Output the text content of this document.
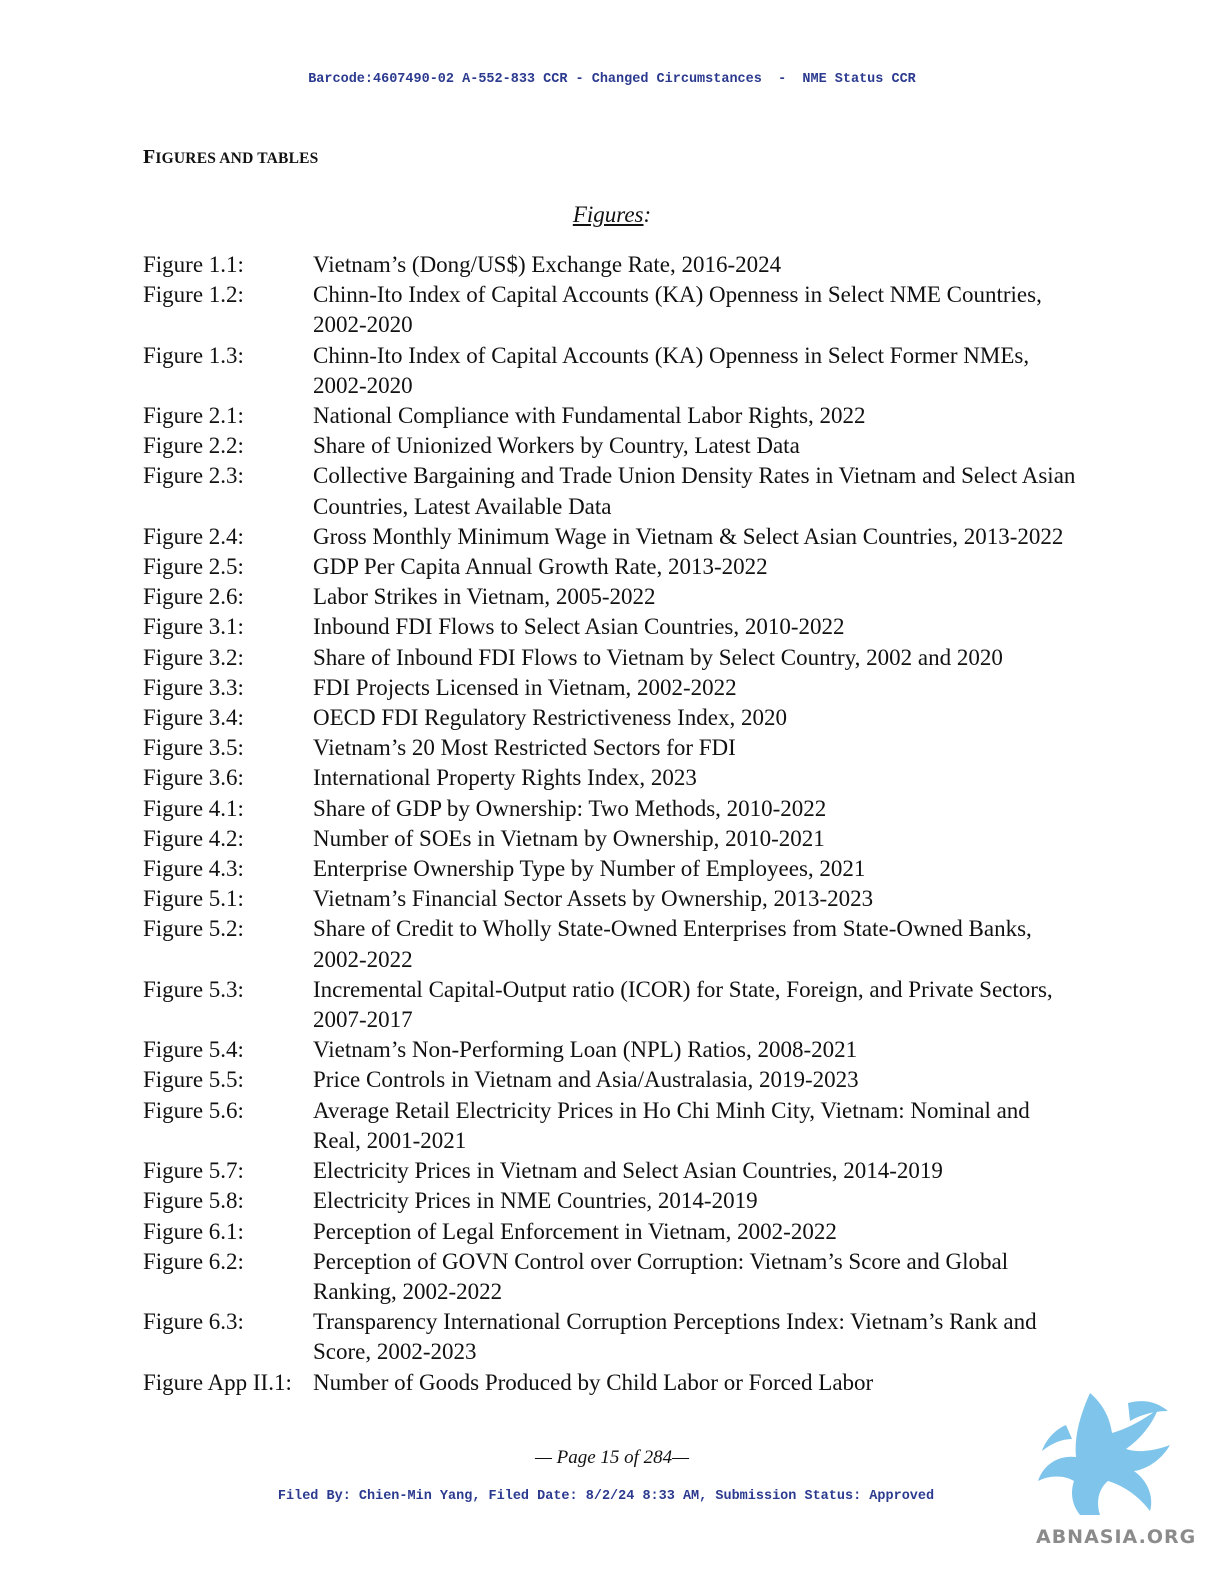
Barcode:4607490-02 A-552-833 CCR - Changed Circumstances  -  NME Status CCR
FIGURES AND TABLES
Figures:
Figure 1.1:	Vietnam’s (Dong/US$) Exchange Rate, 2016-2024
Figure 1.2:	Chinn-Ito Index of Capital Accounts (KA) Openness in Select NME Countries, 2002-2020
Figure 1.3:	Chinn-Ito Index of Capital Accounts (KA) Openness in Select Former NMEs, 2002-2020
Figure 2.1:	National Compliance with Fundamental Labor Rights, 2022
Figure 2.2:	Share of Unionized Workers by Country, Latest Data
Figure 2.3:	Collective Bargaining and Trade Union Density Rates in Vietnam and Select Asian Countries, Latest Available Data
Figure 2.4:	Gross Monthly Minimum Wage in Vietnam & Select Asian Countries, 2013-2022
Figure 2.5:	GDP Per Capita Annual Growth Rate, 2013-2022
Figure 2.6:	Labor Strikes in Vietnam, 2005-2022
Figure 3.1:	Inbound FDI Flows to Select Asian Countries, 2010-2022
Figure 3.2:	Share of Inbound FDI Flows to Vietnam by Select Country, 2002 and 2020
Figure 3.3:	FDI Projects Licensed in Vietnam, 2002-2022
Figure 3.4:	OECD FDI Regulatory Restrictiveness Index, 2020
Figure 3.5:	Vietnam’s 20 Most Restricted Sectors for FDI
Figure 3.6:	International Property Rights Index, 2023
Figure 4.1:	Share of GDP by Ownership: Two Methods, 2010-2022
Figure 4.2:	Number of SOEs in Vietnam by Ownership, 2010-2021
Figure 4.3:	Enterprise Ownership Type by Number of Employees, 2021
Figure 5.1:	Vietnam’s Financial Sector Assets by Ownership, 2013-2023
Figure 5.2:	Share of Credit to Wholly State-Owned Enterprises from State-Owned Banks, 2002-2022
Figure 5.3:	Incremental Capital-Output ratio (ICOR) for State, Foreign, and Private Sectors, 2007-2017
Figure 5.4:	Vietnam’s Non-Performing Loan (NPL) Ratios, 2008-2021
Figure 5.5:	Price Controls in Vietnam and Asia/Australasia, 2019-2023
Figure 5.6:	Average Retail Electricity Prices in Ho Chi Minh City, Vietnam: Nominal and Real, 2001-2021
Figure 5.7:	Electricity Prices in Vietnam and Select Asian Countries, 2014-2019
Figure 5.8:	Electricity Prices in NME Countries, 2014-2019
Figure 6.1:	Perception of Legal Enforcement in Vietnam, 2002-2022
Figure 6.2:	Perception of GOVN Control over Corruption: Vietnam’s Score and Global Ranking, 2002-2022
Figure 6.3:	Transparency International Corruption Perceptions Index: Vietnam’s Rank and Score, 2002-2023
Figure App II.1: Number of Goods Produced by Child Labor or Forced Labor
— Page 15 of 284—
Filed By: Chien-Min Yang, Filed Date: 8/2/24 8:33 AM, Submission Status: Approved
ABNASIA.ORG
